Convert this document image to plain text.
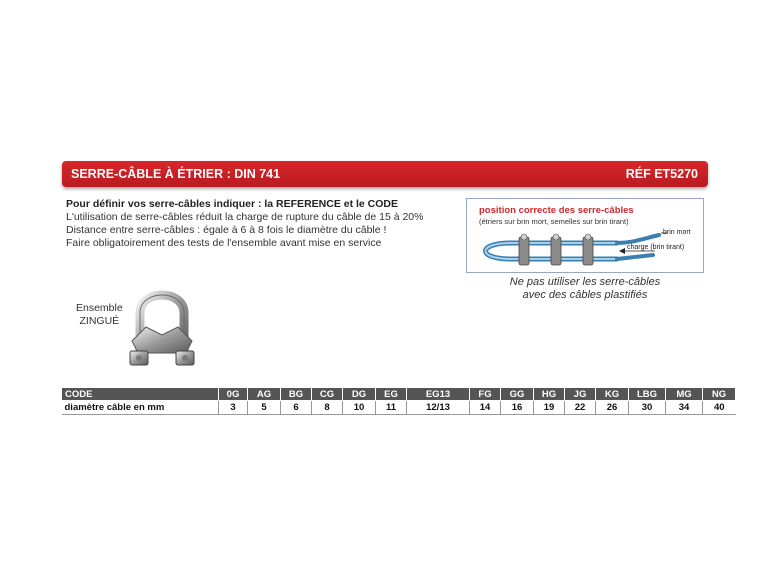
SERRE-CÂBLE À ÉTRIER : DIN 741	RÉF ET5270
Pour définir vos serre-câbles indiquer : la REFERENCE et le CODE
L'utilisation de serre-câbles réduit la charge de rupture du câble de 15 à 20%
Distance entre serre-câbles : égale à 6 à 8 fois le diamètre du câble !
Faire obligatoirement des tests de l'ensemble avant mise en service
position correcte des serre-câbles
(étriers sur brin mort, semelles sur brin tirant)
brin mort
charge (brin tirant)
Ne pas utiliser les serre-câbles
avec des câbles plastifiés
Ensemble
ZINGUÉ
CODE	0G	AG	BG	CG	DG	EG	EG13	FG	GG	HG	JG	KG	LBG	MG	NG
diamètre câble en mm	3	5	6	8	10	11	12/13	14	16	19	22	26	30	34	40
